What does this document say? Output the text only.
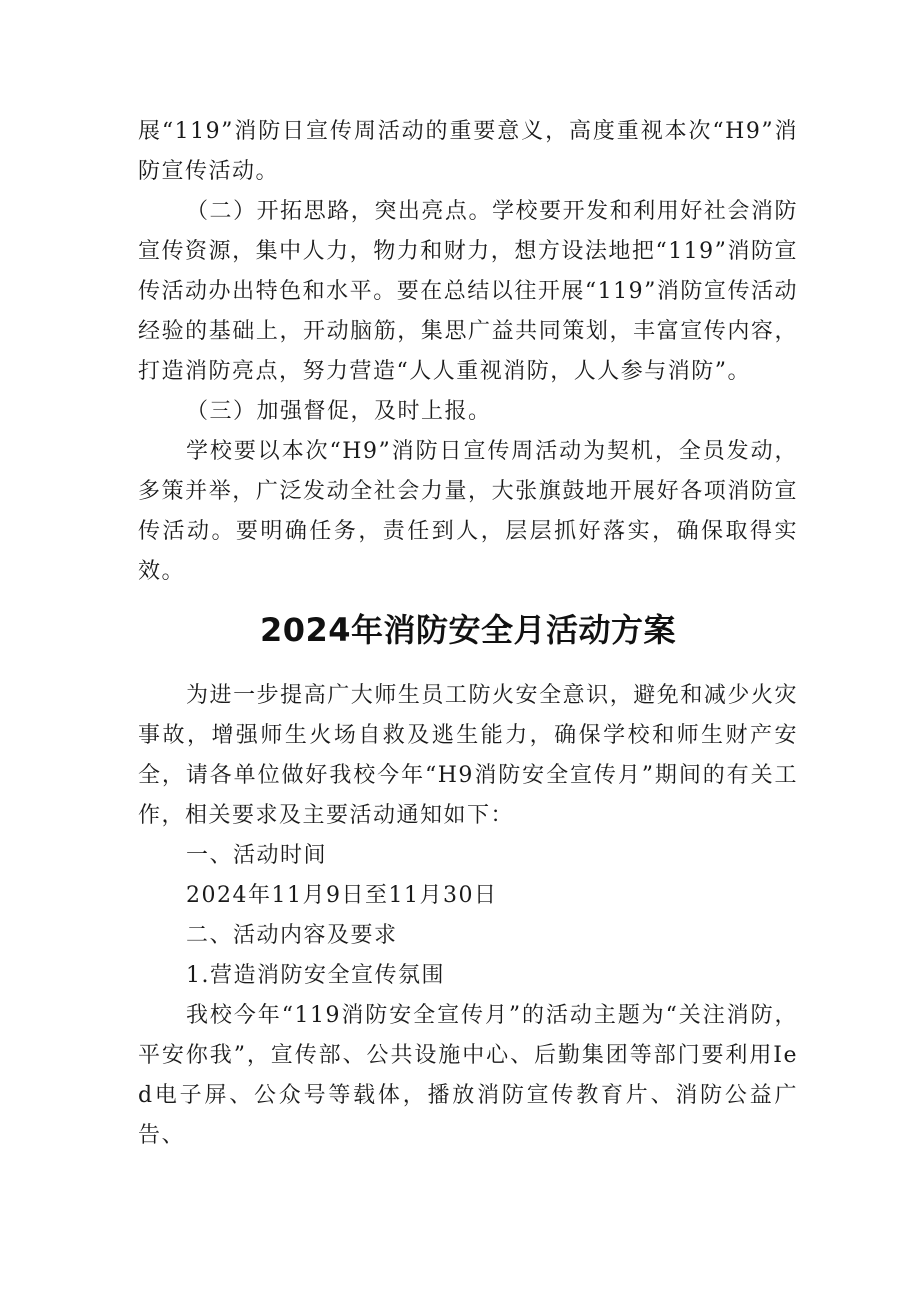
展“119”消防日宣传周活动的重要意义，高度重视本次“H9”消防宣传活动。

（二）开拓思路，突出亮点。学校要开发和利用好社会消防宣传资源，集中人力，物力和财力，想方设法地把“119”消防宣传活动办出特色和水平。要在总结以往开展“119”消防宣传活动经验的基础上，开动脑筋，集思广益共同策划，丰富宣传内容，打造消防亮点，努力营造“人人重视消防，人人参与消防”。

（三）加强督促，及时上报。

学校要以本次“H9”消防日宣传周活动为契机，全员发动，多策并举，广泛发动全社会力量，大张旗鼓地开展好各项消防宣传活动。要明确任务，责任到人，层层抓好落实，确保取得实效。

2024年消防安全月活动方案

为进一步提高广大师生员工防火安全意识，避免和减少火灾事故，增强师生火场自救及逃生能力，确保学校和师生财产安全，请各单位做好我校今年“H9消防安全宣传月”期间的有关工作，相关要求及主要活动通知如下：

一、活动时间

2024年11月9日至11月30日

二、活动内容及要求

1.营造消防安全宣传氛围

我校今年“119消防安全宣传月”的活动主题为“关注消防，平安你我”，宣传部、公共设施中心、后勤集团等部门要利用Ied电子屏、公众号等载体，播放消防宣传教育片、消防公益广告、
